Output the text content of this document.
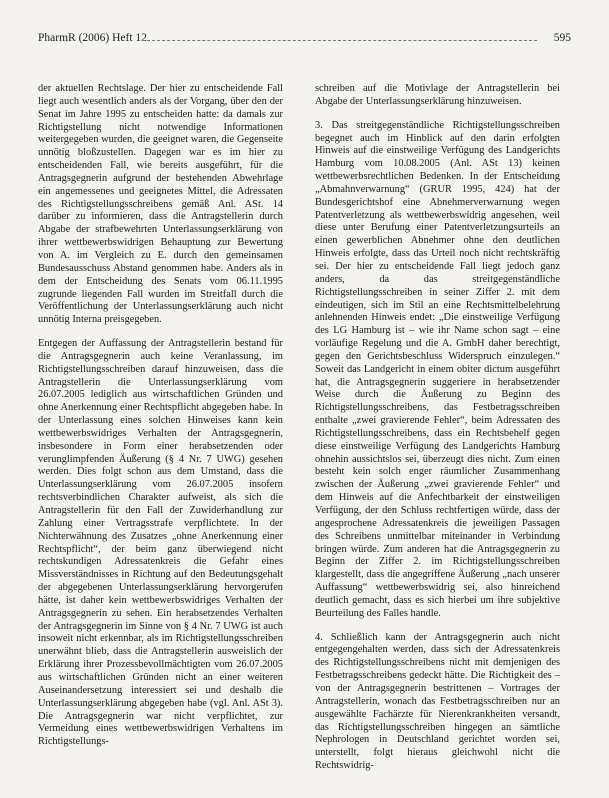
PharmR (2006) Heft 12	595

der aktuellen Rechtslage. Der hier zu entscheidende Fall liegt auch wesentlich anders als der Vorgang, über den der Senat im Jahre 1995 zu entscheiden hatte: da damals zur Richtigstellung nicht notwendige Informationen weitergegeben wurden, die geeignet waren, die Gegenseite unnötig bloßzustellen. Dagegen war es im hier zu entscheidenden Fall, wie bereits ausgeführt, für die Antragsgegnerin aufgrund der bestehenden Abwehrlage ein angemessenes und geeignetes Mittel, die Adressaten des Richtigstellungsschreibens gemäß Anl. ASt. 14 darüber zu informieren, dass die Antragstellerin durch Abgabe der strafbewehrten Unterlassungserklärung von ihrer wettbewerbswidrigen Behauptung zur Bewertung von A. im Vergleich zu E. durch den gemeinsamen Bundesausschuss Abstand genommen habe. Anders als in dem der Entscheidung des Senats vom 06.11.1995 zugrunde liegenden Fall wurden im Streitfall durch die Veröffentlichung der Unterlassungserklärung auch nicht unnötig Interna preisgegeben.

Entgegen der Auffassung der Antragstellerin bestand für die Antragsgegnerin auch keine Veranlassung, im Richtigstellungsschreiben darauf hinzuweisen, dass die Antragstellerin die Unterlassungserklärung vom 26.07.2005 lediglich aus wirtschaftlichen Gründen und ohne Anerkennung einer Rechtspflicht abgegeben habe. In der Unterlassung eines solchen Hinweises kann kein wettbewerbswidriges Verhalten der Antragsgegnerin, insbesondere in Form einer herabsetzenden oder verunglimpfenden Äußerung (§ 4 Nr. 7 UWG) gesehen werden. Dies folgt schon aus dem Umstand, dass die Unterlassungserklärung vom 26.07.2005 insofern rechtsverbindlichen Charakter aufweist, als sich die Antragstellerin für den Fall der Zuwiderhandlung zur Zahlung einer Vertragsstrafe verpflichtete. In der Nichterwähnung des Zusatzes „ohne Anerkennung einer Rechtspflicht“, der beim ganz überwiegend nicht rechtskundigen Adressatenkreis die Gefahr eines Missverständnisses in Richtung auf den Bedeutungsgehalt der abgegebenen Unterlassungserklärung hervorgerufen hätte, ist daher kein wettbewerbswidriges Verhalten der Antragsgegnerin zu sehen. Ein herabsetzendes Verhalten der Antragsgegnerin im Sinne von § 4 Nr. 7 UWG ist auch insoweit nicht erkennbar, als im Richtigstellungsschreiben unerwähnt blieb, dass die Antragstellerin ausweislich der Erklärung ihrer Prozessbevollmächtigten vom 26.07.2005 aus wirtschaftlichen Gründen nicht an einer weiteren Auseinandersetzung interessiert sei und deshalb die Unterlassungserklärung abgegeben habe (vgl. Anl. ASt 3). Die Antragsgegnerin war nicht verpflichtet, zur Vermeidung eines wettbewerbswidrigen Verhaltens im Richtigstellungs-

schreiben auf die Motivlage der Antragstellerin bei Abgabe der Unterlassungserklärung hinzuweisen.

3. Das streitgegenständliche Richtigstellungsschreiben begegnet auch im Hinblick auf den darin erfolgten Hinweis auf die einstweilige Verfügung des Landgerichts Hamburg vom 10.08.2005 (Anl. ASt 13) keinen wettbewerbsrechtlichen Bedenken. In der Entscheidung „Abmahnverwarnung“ (GRUR 1995, 424) hat der Bundesgerichtshof eine Abnehmerverwarnung wegen Patentverletzung als wettbewerbswidrig angesehen, weil diese unter Berufung einer Patentverletzungsurteils an einen gewerblichen Abnehmer ohne den deutlichen Hinweis erfolgte, dass das Urteil noch nicht rechtskräftig sei. Der hier zu entscheidende Fall liegt jedoch ganz anders, da das streitgegenständliche Richtigstellungsschreiben in seiner Ziffer 2. mit dem eindeutigen, sich im Stil an eine Rechtsmittelbelehrung anlehnenden Hinweis endet: „Die einstweilige Verfügung des LG Hamburg ist – wie ihr Name schon sagt – eine vorläufige Regelung und die A. GmbH daher berechtigt, gegen den Gerichtsbeschluss Widerspruch einzulegen.“ Soweit das Landgericht in einem obiter dictum ausgeführt hat, die Antragsgegnerin suggeriere in herabsetzender Weise durch die Äußerung zu Beginn des Richtigstellungsschreibens, das Festbetragsschreiben enthalte „zwei gravierende Fehler“, beim Adressaten des Richtigstellungsschreibens, dass ein Rechtsbehelf gegen diese einstweilige Verfügung des Landgerichts Hamburg ohnehin aussichtslos sei, überzeugt dies nicht. Zum einen besteht kein solch enger räumlicher Zusammenhang zwischen der Äußerung „zwei gravierende Fehler“ und dem Hinweis auf die Anfechtbarkeit der einstweiligen Verfügung, der den Schluss rechtfertigen würde, dass der angesprochene Adressatenkreis die jeweiligen Passagen des Schreibens unmittelbar miteinander in Verbindung bringen würde. Zum anderen hat die Antragsgegnerin zu Beginn der Ziffer 2. im Richtigstellungsschreiben klargestellt, dass die angegriffene Äußerung „nach unserer Auffassung“ wettbewerbswidrig sei, also hinreichend deutlich gemacht, dass es sich hierbei um ihre subjektive Beurteilung des Falles handle.

4. Schließlich kann der Antragsgegnerin auch nicht entgegengehalten werden, dass sich der Adressatenkreis des Richtigstellungsschreibens nicht mit demjenigen des Festbetragsschreibens gedeckt hätte. Die Richtigkeit des – von der Antragsgegnerin bestrittenen – Vortrages der Antragstellerin, wonach das Festbetragsschreiben nur an ausgewählte Fachärzte für Nierenkrankheiten versandt, das Richtigstellungsschreiben hingegen an sämtliche Nephrologen in Deutschland gerichtet worden sei, unterstellt, folgt hieraus gleichwohl nicht die Rechtswidrig-
